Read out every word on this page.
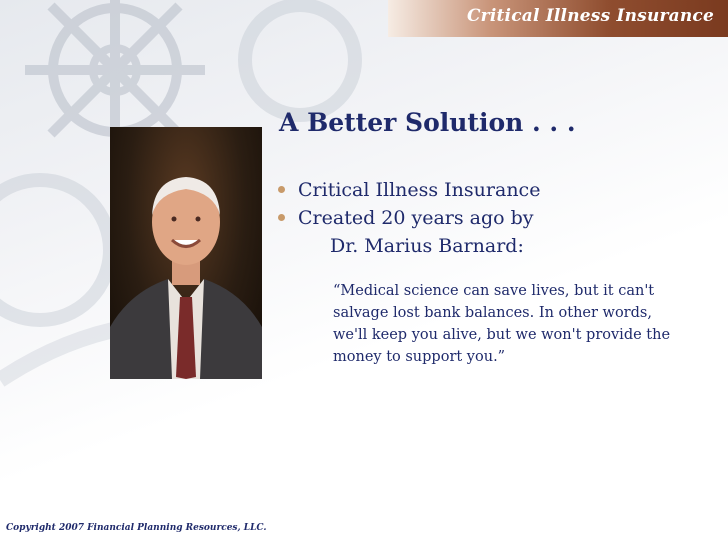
Critical Illness Insurance
A Better Solution . . .
Critical Illness Insurance
Created 20 years ago by
Dr. Marius Barnard:

“Medical science can save lives, but it can't salvage lost bank balances. In other words, we'll keep you alive, but we won't provide the money to support you.”

Copyright 2007 Financial Planning Resources, LLC.
